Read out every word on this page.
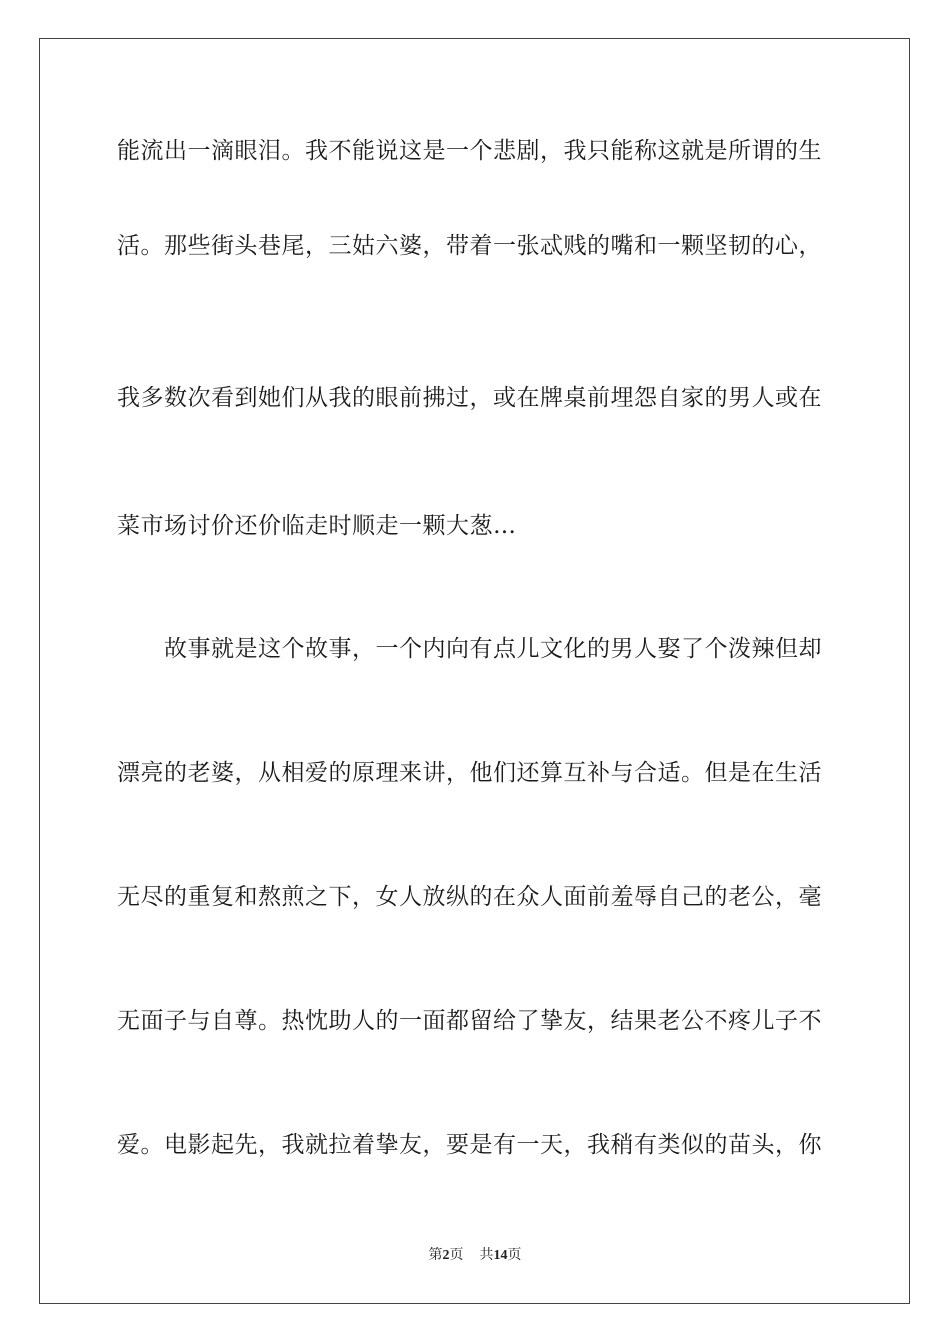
能流出一滴眼泪。我不能说这是一个悲剧，我只能称这就是所谓的生
活。那些街头巷尾，三姑六婆，带着一张忒贱的嘴和一颗坚韧的心，
我多数次看到她们从我的眼前拂过，或在牌桌前埋怨自家的男人或在
菜市场讨价还价临走时顺走一颗大葱…
　　故事就是这个故事，一个内向有点儿文化的男人娶了个泼辣但却
漂亮的老婆，从相爱的原理来讲，他们还算互补与合适。但是在生活
无尽的重复和熬煎之下，女人放纵的在众人面前羞辱自己的老公，毫
无面子与自尊。热忱助人的一面都留给了挚友，结果老公不疼儿子不
爱。电影起先，我就拉着挚友，要是有一天，我稍有类似的苗头，你
第2页 共14页
